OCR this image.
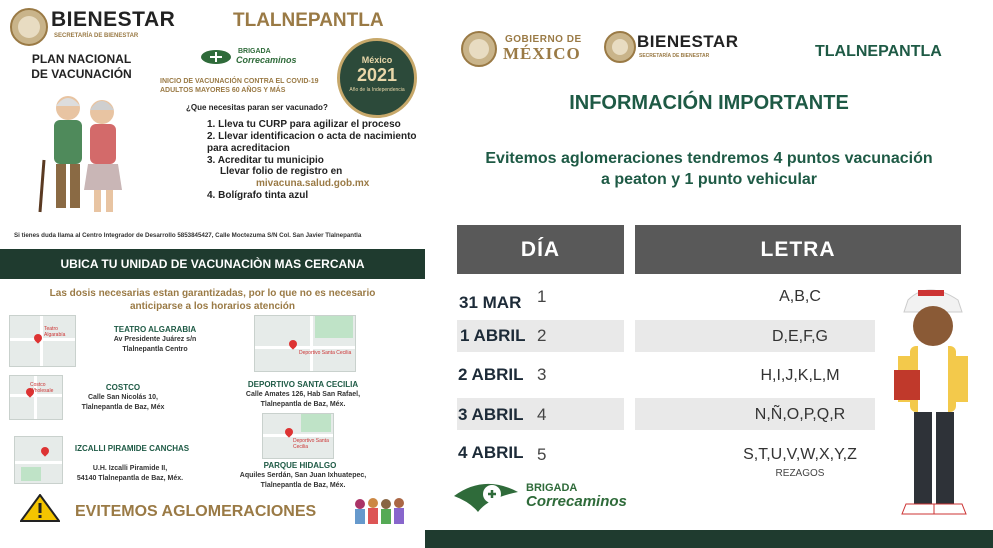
BIENESTAR
SECRETARÍA DE BIENESTAR
TLALNEPANTLA
PLAN NACIONAL DE VACUNACIÓN
BRIGADA
Correcaminos	México
2021
Año de la Independencia
INICIO DE VACUNACIÓN CONTRA EL COVID-19
ADULTOS MAYORES 60 AÑOS Y MÁS
¿Que necesitas paran ser vacunado?
1. Lleva tu CURP para agilizar el proceso
2. Llevar identificacion o acta de nacimiento para acreditacion
3. Acreditar tu municipio
Llevar folio de registro en
mivacuna.salud.gob.mx
4. Bolígrafo tinta azul
Si tienes duda llama al Centro Integrador de Desarrollo 5853845427, Calle Moctezuma S/N Col. San Javier Tlalnepantla
UBICA TU UNIDAD DE VACUNACIÒN MAS CERCANA
Las dosis necesarias estan garantizadas, por lo que no es necesario anticiparse a los horarios atención
Teatro Algarabía
TEATRO ALGARABIA
Av Presidente Juárez s/n
Tlalnepantla Centro	Deportivo Santa Cecilia
DEPORTIVO SANTA CECILIA
Calle Amates 126, Hab San Rafael,
Tlalnepantla de Baz, Méx.
Costco Wholesale	COSTCO
Calle San Nicolás 10,
Tlalnepantla de Baz, Méx
Deportivo Santa Cecilia
IZCALLI PIRAMIDE CANCHAS
U.H. Izcalli Piramide II,
54140 Tlalnepantla de Baz, Méx.
PARQUE HIDALGO
Aquiles Serdán, San Juan Ixhuatepec,
Tlalnepantla de Baz, Méx.
EVITEMOS AGLOMERACIONES
GOBIERNO DE
MÉXICO
BIENESTAR
SECRETARÍA DE BIENESTAR	TLALNEPANTLA
INFORMACIÓN IMPORTANTE
Evitemos aglomeraciones tendremos 4 puntos vacunación
a peaton y 1 punto vehicular
DÍA	LETRA
31 MAR 1	A,B,C
1 ABRIL 2	D,E,F,G
2 ABRIL 3	H,I,J,K,L,M
3 ABRIL 4	N,Ñ,O,P,Q,R
4 ABRIL 5	S,T,U,V,W,X,Y,Z
REZAGOS
BRIGADA
Correcaminos
